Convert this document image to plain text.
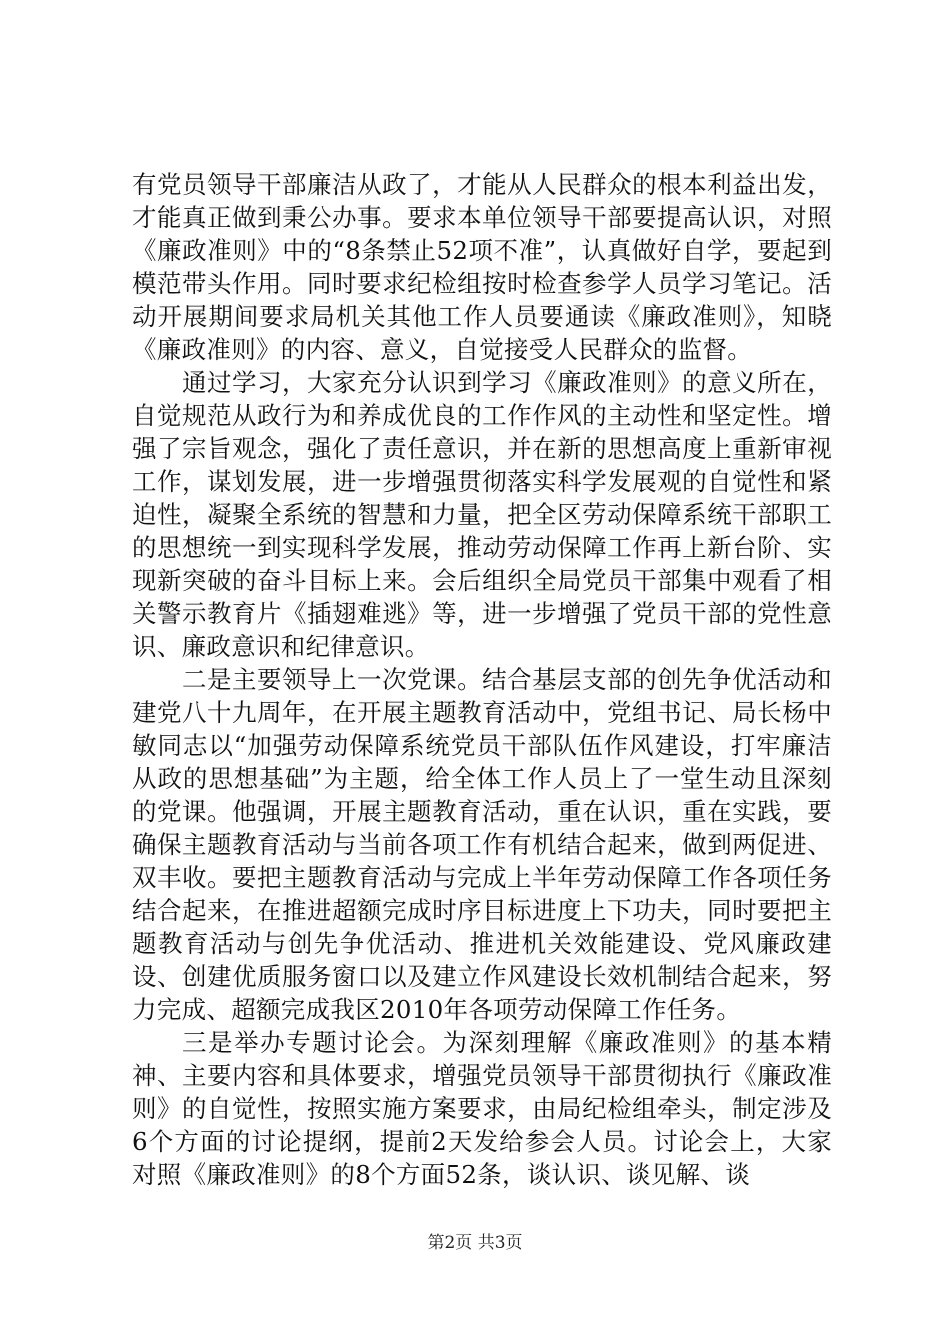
有党员领导干部廉洁从政了，才能从人民群众的根本利益出发，才能真正做到秉公办事。要求本单位领导干部要提高认识，对照《廉政准则》中的“8条禁止52项不准”，认真做好自学，要起到模范带头作用。同时要求纪检组按时检查参学人员学习笔记。活动开展期间要求局机关其他工作人员要通读《廉政准则》，知晓《廉政准则》的内容、意义，自觉接受人民群众的监督。

通过学习，大家充分认识到学习《廉政准则》的意义所在，自觉规范从政行为和养成优良的工作作风的主动性和坚定性。增强了宗旨观念，强化了责任意识，并在新的思想高度上重新审视工作，谋划发展，进一步增强贯彻落实科学发展观的自觉性和紧迫性，凝聚全系统的智慧和力量，把全区劳动保障系统干部职工的思想统一到实现科学发展，推动劳动保障工作再上新台阶、实现新突破的奋斗目标上来。会后组织全局党员干部集中观看了相关警示教育片《插翅难逃》等，进一步增强了党员干部的党性意识、廉政意识和纪律意识。

二是主要领导上一次党课。结合基层支部的创先争优活动和建党八十九周年，在开展主题教育活动中，党组书记、局长杨中敏同志以“加强劳动保障系统党员干部队伍作风建设，打牢廉洁从政的思想基础”为主题，给全体工作人员上了一堂生动且深刻的党课。他强调，开展主题教育活动，重在认识，重在实践，要确保主题教育活动与当前各项工作有机结合起来，做到两促进、双丰收。要把主题教育活动与完成上半年劳动保障工作各项任务结合起来，在推进超额完成时序目标进度上下功夫，同时要把主题教育活动与创先争优活动、推进机关效能建设、党风廉政建设、创建优质服务窗口以及建立作风建设长效机制结合起来，努力完成、超额完成我区2010年各项劳动保障工作任务。

三是举办专题讨论会。为深刻理解《廉政准则》的基本精神、主要内容和具体要求，增强党员领导干部贯彻执行《廉政准则》的自觉性，按照实施方案要求，由局纪检组牵头，制定涉及6个方面的讨论提纲，提前2天发给参会人员。讨论会上，大家对照《廉政准则》的8个方面52条，谈认识、谈见解、谈

第2页 共3页
